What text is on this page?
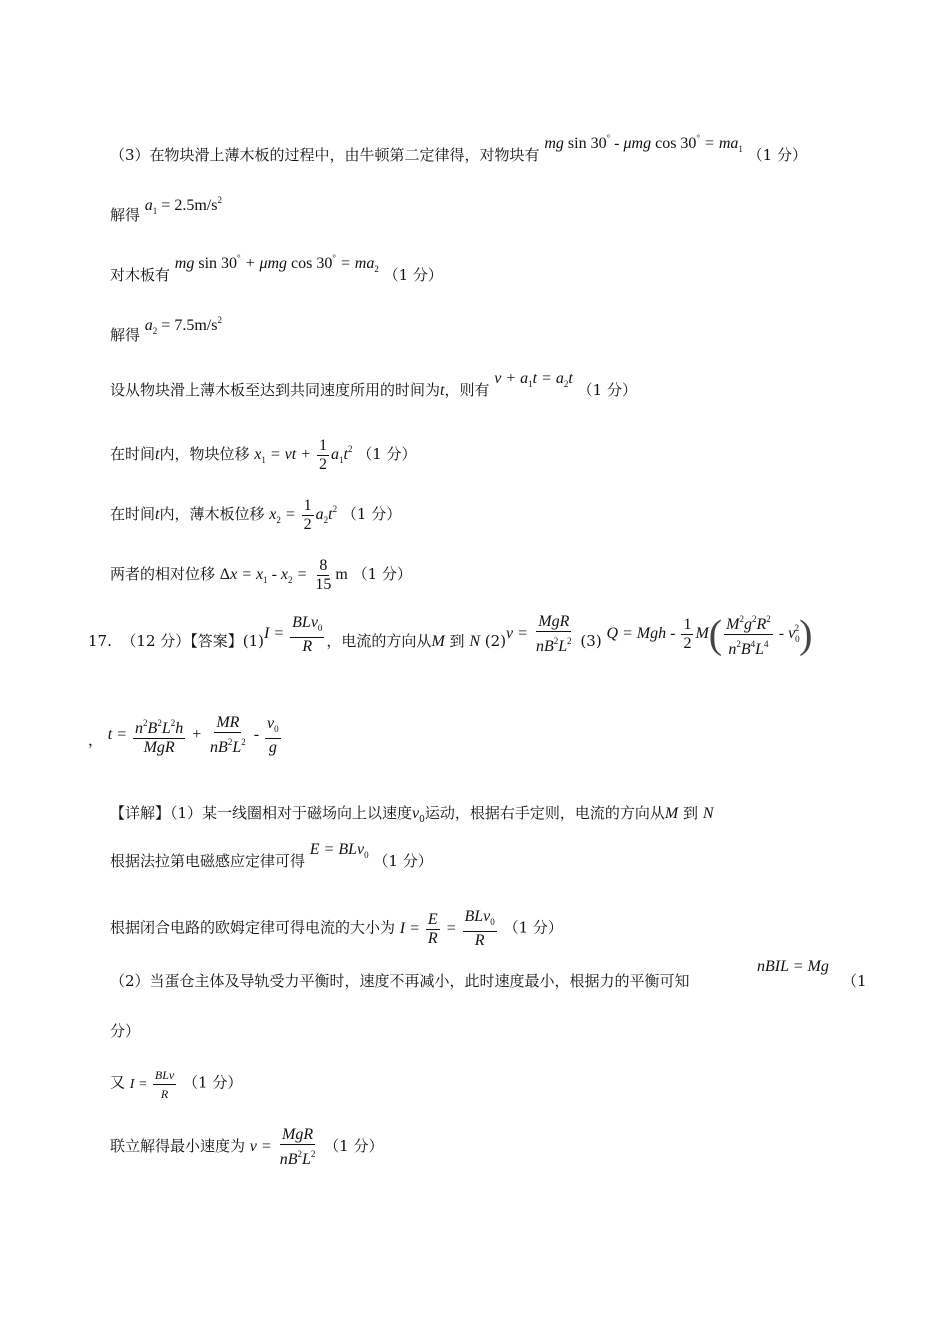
（3）在物块滑上薄木板的过程中，由牛顿第二定律得，对物块有 mg sin 30° - μmg $\cos 30^\circ = ma_1$ （1 分）
解得 $a_1 = 2.5m/s^2$
对木板有 mg sin 30° + μmg $\cos 30^\circ = ma_2$ （1 分）
解得 $a_2 = 7.5m/s^2$
设从物块滑上薄木板至达到共同速度所用的时间为t，则有 $v + a_1t = a_2t$ （1 分）
在时间t内，物块位移 $x_1$ = vt + $\frac{1}{2} a_1t^2$ （1 分）
在时间t内，薄木板位移 $x_2 = \frac{1}{2} a_2t^2$ （1 分）
两者的相对位移 $\Delta x = x_1 - x_2 = \frac{8}{15}$ m （1 分）
17. （12 分）【答案】(1)I =
BLv$_0$
R ，电流的方向从M 到 N (2)v =
MgR
$nB^2L^2$ (3) Q = Mgh - $\frac{1}{2} M( \frac{M^2g^2R^2}{n^2B^4L^4} - v_0^2)$
， $t = n^2B^2L^2h$
MgR
+ $\frac{MR}{nB^2L^2} - \frac{v_0}{g}$
【详解】（1）某一线圈相对于磁场向上以速度$v_0$运动，根据右手定则，电流的方向从M 到 N
根据法拉第电磁感应定律可得 E = BLv$_0$ （1 分）
根据闭合电路的欧姆定律可得电流的大小为 $I = \frac{E}{R}$ =
BLv$_0$
R
（1 分）
（2）当蛋仓主体及导轨受力平衡时，速度不再减小，此时速度最小，根据力的平衡可知
nBIL = Mg
（1
分）
又 I =
BLv
R
（1 分）
联立解得最小速度为 v =
MgR
$nB^2L^2$ （1 分）
